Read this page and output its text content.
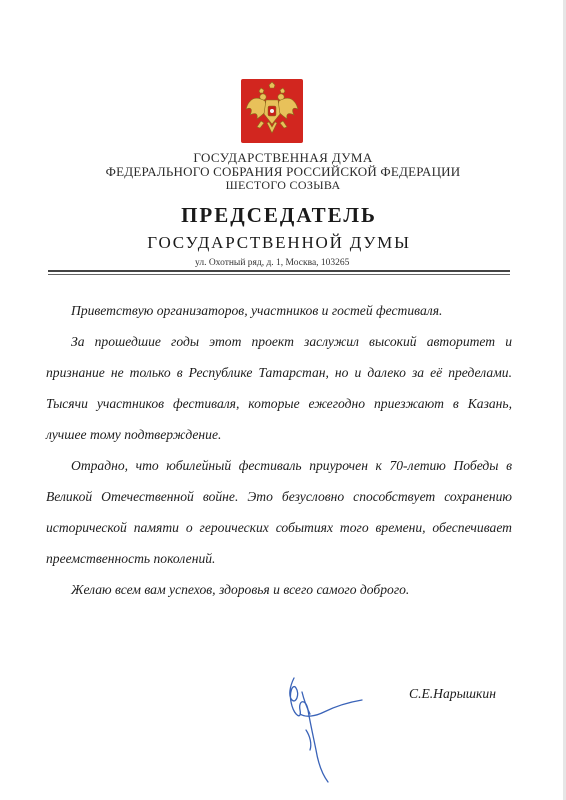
ГОСУДАРСТВЕННАЯ ДУМА
ФЕДЕРАЛЬНОГО СОБРАНИЯ РОССИЙСКОЙ ФЕДЕРАЦИИ
ШЕСТОГО СОЗЫВА
ПРЕДСЕДАТЕЛЬ
ГОСУДАРСТВЕННОЙ ДУМЫ
ул. Охотный ряд, д. 1, Москва, 103265

Приветствую организаторов, участников и гостей фестиваля.

За прошедшие годы этот проект заслужил высокий авторитет и признание не только в Республике Татарстан, но и далеко за её пределами. Тысячи участников фестиваля, которые ежегодно приезжают в Казань, лучшее тому подтверждение.

Отрадно, что юбилейный фестиваль приурочен к 70-летию Победы в Великой Отечественной войне. Это безусловно способствует сохранению исторической памяти о героических событиях того времени, обеспечивает преемственность поколений.

Желаю всем вам успехов, здоровья и всего самого доброго.

С.Е.Нарышкин
